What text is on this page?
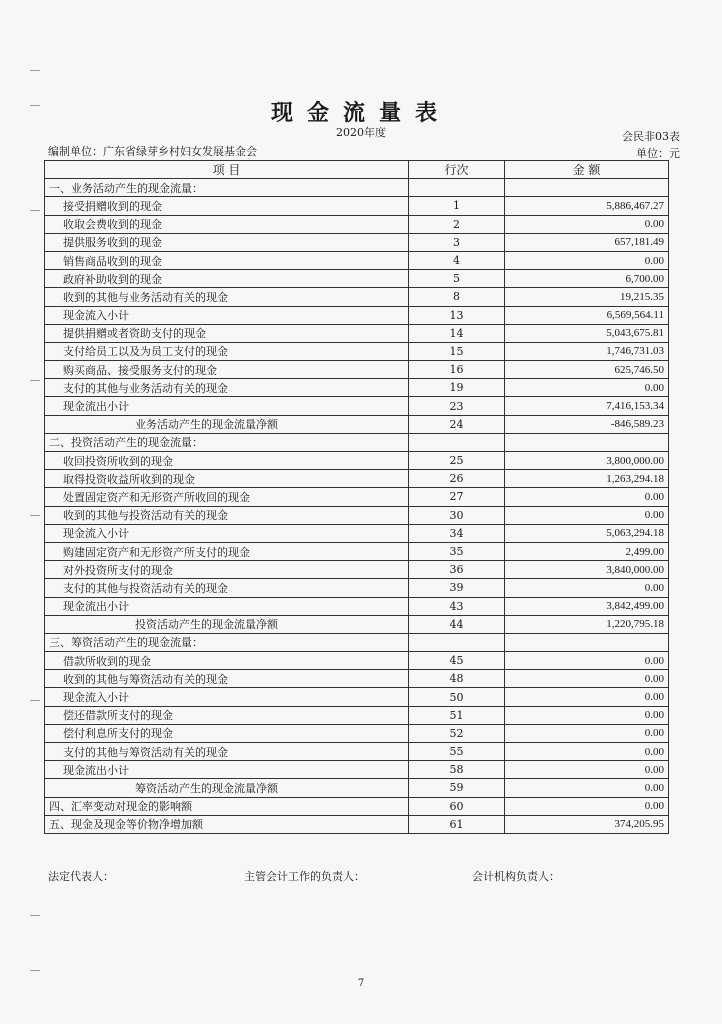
现金流量表
2020年度	会民非03表
编制单位：广东省绿芽乡村妇女发展基金会	单位：元
项 目	行次	金 额
一、业务活动产生的现金流量：		
接受捐赠收到的现金	1	5,886,467.27
收取会费收到的现金	2	0.00
提供服务收到的现金	3	657,181.49
销售商品收到的现金	4	0.00
政府补助收到的现金	5	6,700.00
收到的其他与业务活动有关的现金	8	19,215.35
现金流入小计	13	6,569,564.11
提供捐赠或者资助支付的现金	14	5,043,675.81
支付给员工以及为员工支付的现金	15	1,746,731.03
购买商品、接受服务支付的现金	16	625,746.50
支付的其他与业务活动有关的现金	19	0.00
现金流出小计	23	7,416,153.34
业务活动产生的现金流量净额	24	-846,589.23
二、投资活动产生的现金流量：		
收回投资所收到的现金	25	3,800,000.00
取得投资收益所收到的现金	26	1,263,294.18
处置固定资产和无形资产所收回的现金	27	0.00
收到的其他与投资活动有关的现金	30	0.00
现金流入小计	34	5,063,294.18
购建固定资产和无形资产所支付的现金	35	2,499.00
对外投资所支付的现金	36	3,840,000.00
支付的其他与投资活动有关的现金	39	0.00
现金流出小计	43	3,842,499.00
投资活动产生的现金流量净额	44	1,220,795.18
三、筹资活动产生的现金流量：		
借款所收到的现金	45	0.00
收到的其他与筹资活动有关的现金	48	0.00
现金流入小计	50	0.00
偿还借款所支付的现金	51	0.00
偿付利息所支付的现金	52	0.00
支付的其他与筹资活动有关的现金	55	0.00
现金流出小计	58	0.00
筹资活动产生的现金流量净额	59	0.00
四、汇率变动对现金的影响额	60	0.00
五、现金及现金等价物净增加额	61	374,205.95
法定代表人：	主管会计工作的负责人：	会计机构负责人：
7
